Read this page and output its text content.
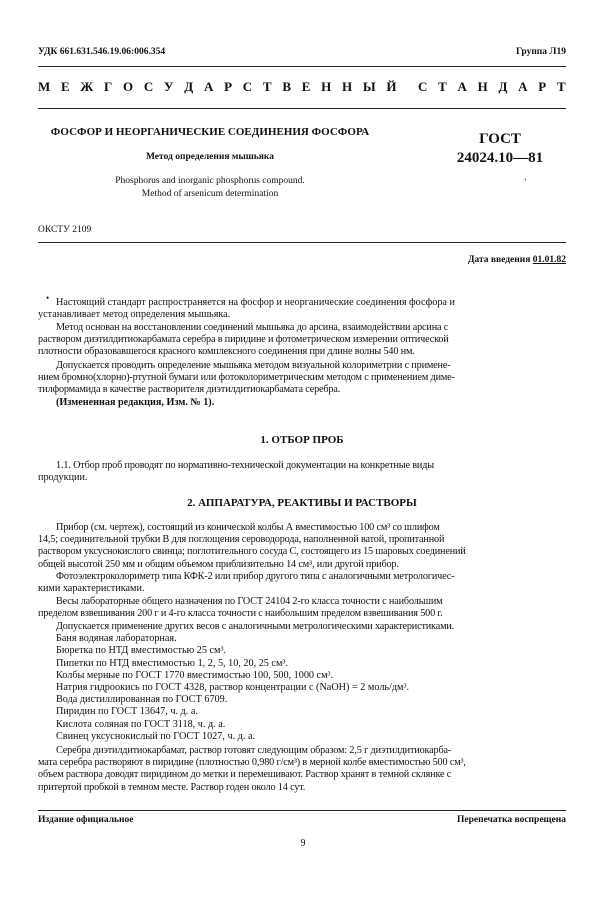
УДК 661.631.546.19.06:006.354	Группа Л19
М Е Ж Г О С У Д А Р С Т В Е Н Н Ы Й С Т А Н Д А Р Т
ФОСФОР И НЕОРГАНИЧЕСКИЕ СОЕДИНЕНИЯ ФОСФОРА
Метод определения мышьяка
Phosphorus and inorganic phosphorus compound.
Method of arsenicum determination
ГОСТ
24024.10—81
ʼ
ОКСТУ 2109
Дата введения 01.01.82
• Настоящий стандарт распространяется на фосфор и неорганические соединения фосфора и
устанавливает метод определения мышьяка.
Метод основан на восстановлении соединений мышьяка до арсина, взаимодействии арсина с
раствором диэтилдитиокарбамата серебра в пиридине и фотометрическом измерении оптической
плотности образовавшегося красного комплексного соединения при длине волны 540 нм.
Допускается проводить определение мышьяка методом визуальной колориметрии с примене-
нием бромно(хлорно)-ртутной бумаги или фотоколориметрическим методом с применением диме-
тилформамида в качестве растворителя диэтилдитиокарбамата серебра.
(Измененная редакция, Изм. № 1).
1. ОТБОР ПРОБ
1.1. Отбор проб проводят по нормативно-технической документации на конкретные виды
продукции.
2. АППАРАТУРА, РЕАКТИВЫ И РАСТВОРЫ
Прибор (см. чертеж), состоящий из конической колбы А вместимостью 100 см³ со шлифом
14,5; соединительной трубки В для поглощения сероводорода, наполненной ватой, пропитанной
раствором уксуснокислого свинца; поглотительного сосуда С, состоящего из 15 шаровых соединений
общей высотой 250 мм и общим объемом приблизительно 14 см³, или другой прибор.
Фотоэлектроколориметр типа КФК-2 или прибор другого типа с аналогичными метрологичес-
кими характеристиками.
Весы лабораторные общего назначения по ГОСТ 24104 2-го класса точности с наибольшим
пределом взвешивания 200 г и 4-го класса точности с наибольшим пределом взвешивания 500 г.
Допускается применение других весов с аналогичными метрологическими характеристиками.
Баня водяная лабораторная.
Бюретка по НТД вместимостью 25 см³.
Пипетки по НТД вместимостью 1, 2, 5, 10, 20, 25 см³.
Колбы мерные по ГОСТ 1770 вместимостью 100, 500, 1000 см³.
Натрия гидроокись по ГОСТ 4328, раствор концентрации с (NaOH) = 2 моль/дм³.
Вода дистиллированная по ГОСТ 6709.
Пиридин по ГОСТ 13647, ч. д. а.
Кислота соляная по ГОСТ 3118, ч. д. а.
Свинец уксуснокислый по ГОСТ 1027, ч. д. а.
Серебра диэтилдитиокарбамат, раствор готовят следующим образом: 2,5 г диэтилдитиокарба-
мата серебра растворяют в пиридине (плотностью 0,980 г/см³) в мерной колбе вместимостью 500 см³,
объем раствора доводят пиридином до метки и перемешивают. Раствор хранят в темной склянке с
притертой пробкой в темном месте. Раствор годен около 14 сут.
Издание официальное	Перепечатка воспрещена
9
